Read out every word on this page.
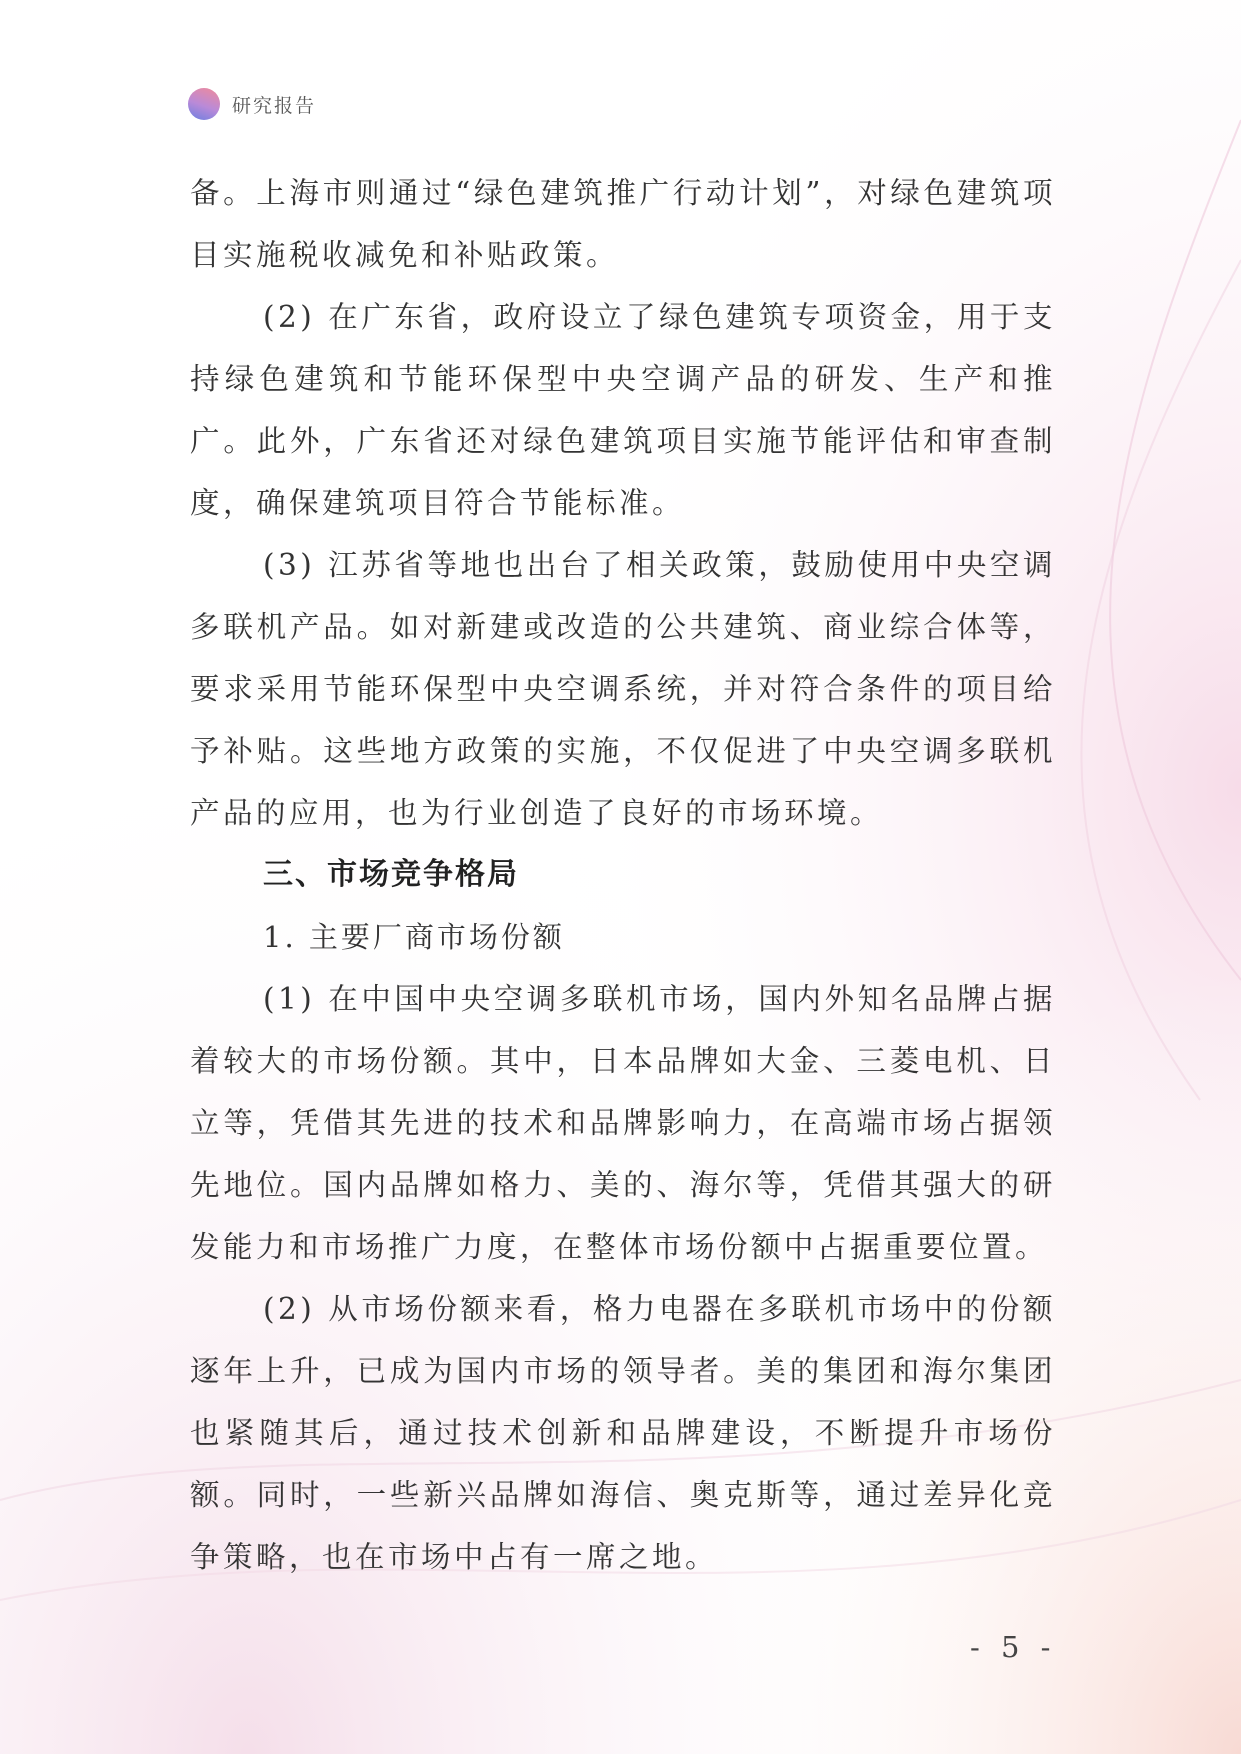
研究报告

备。上海市则通过“绿色建筑推广行动计划”，对绿色建筑项目实施税收减免和补贴政策。

(2) 在广东省，政府设立了绿色建筑专项资金，用于支持绿色建筑和节能环保型中央空调产品的研发、生产和推广。此外，广东省还对绿色建筑项目实施节能评估和审查制度，确保建筑项目符合节能标准。

(3) 江苏省等地也出台了相关政策，鼓励使用中央空调多联机产品。如对新建或改造的公共建筑、商业综合体等，要求采用节能环保型中央空调系统，并对符合条件的项目给予补贴。这些地方政策的实施，不仅促进了中央空调多联机产品的应用，也为行业创造了良好的市场环境。

三、市场竞争格局

1. 主要厂商市场份额

(1) 在中国中央空调多联机市场，国内外知名品牌占据着较大的市场份额。其中，日本品牌如大金、三菱电机、日立等，凭借其先进的技术和品牌影响力，在高端市场占据领先地位。国内品牌如格力、美的、海尔等，凭借其强大的研发能力和市场推广力度，在整体市场份额中占据重要位置。

(2) 从市场份额来看，格力电器在多联机市场中的份额逐年上升，已成为国内市场的领导者。美的集团和海尔集团也紧随其后，通过技术创新和品牌建设，不断提升市场份额。同时，一些新兴品牌如海信、奥克斯等，通过差异化竞争策略，也在市场中占有一席之地。

- 5 -
